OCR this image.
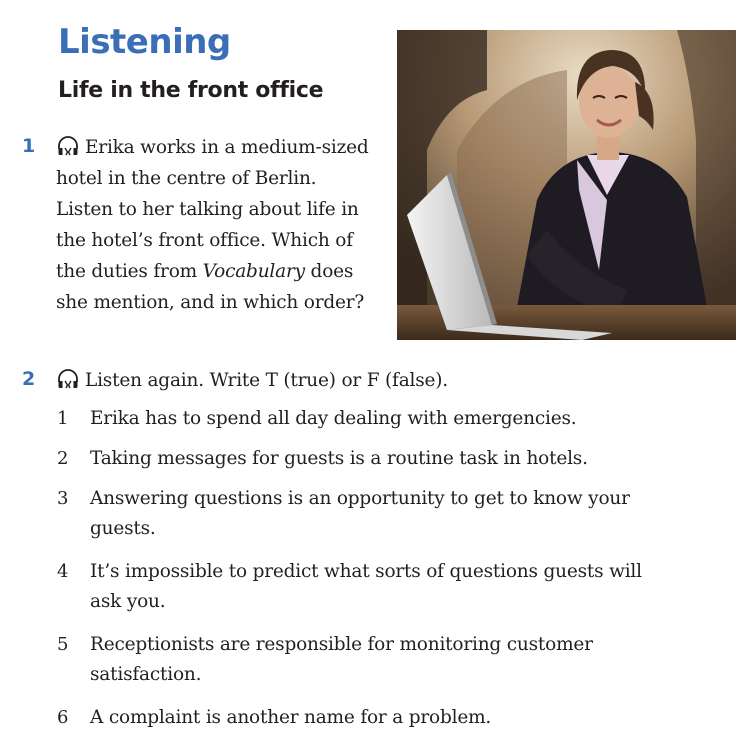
Listening
Life in the front office
1	Erika works in a medium-sized hotel in the centre of Berlin. Listen to her talking about life in the hotel’s front office. Which of the duties from Vocabulary does she mention, and in which order?
2	Listen again. Write T (true) or F (false).
1 Erika has to spend all day dealing with emergencies.
2 Taking messages for guests is a routine task in hotels.
3 Answering questions is an opportunity to get to know your guests.
4 It’s impossible to predict what sorts of questions guests will ask you.
5 Receptionists are responsible for monitoring customer satisfaction.
6 A complaint is another name for a problem.
